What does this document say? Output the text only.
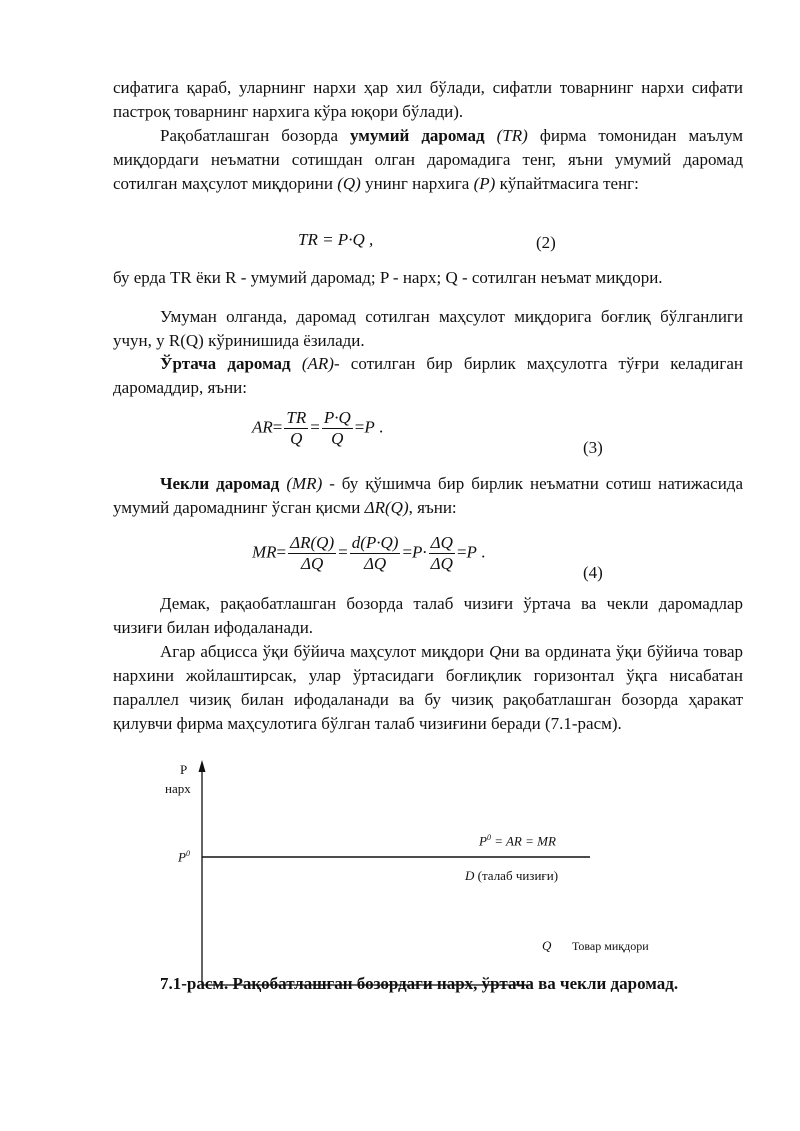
сифатига қараб, уларнинг нархи ҳар хил бўлади, сифатли товарнинг нархи сифати пастроқ товарнинг нархига кўра юқори бўлади).

Рақобатлашган бозорда умумий даромад (TR) фирма томонидан маълум миқдордаги неъматни сотишдан олган даромадига тенг, яъни умумий даромад сотилган маҳсулот миқдорини (Q) унинг нархига (P) кўпайтмасига тенг:

TR = P·Q ,	(2)

бу ерда TR ёки R - умумий даромад; P - нарх; Q - сотилган неъмат миқдори.

Умуман олганда, даромад сотилган маҳсулот миқдорига боғлиқ бўлганлиги учун, у R(Q) кўринишида ёзилади.

Ўртача даромад (AR)- сотилган бир бирлик маҳсулотга тўғри келадиган даромаддир, яъни:

$AR= \frac{TR}{Q} = \frac{P\cdot Q}{Q} =P$ .
(3)

Чекли даромад (MR) - бу қўшимча бир бирлик неъматни сотиш натижасида умумий даромаднинг ўсган қисми ΔR(Q), яъни:

$MR= \frac{\Delta R(Q)}{\Delta Q} = \frac{d(P\cdot Q)}{\Delta Q} =P\cdot \frac{\Delta Q}{\Delta Q} =P$ .
(4)

Демак, рақаобатлашган бозорда талаб чизиғи ўртача ва чекли даромадлар чизиғи билан ифодаланади.

Агар абцисса ўқи бўйича маҳсулот миқдори Qни ва ордината ўқи бўйича товар нархини жойлаштирсак, улар ўртасидаги боғлиқлик горизонтал ўқга нисабатан параллел чизиқ билан ифодаланади ва бу чизиқ рақобатлашган бозорда ҳаракат қилувчи фирма маҳсулотига бўлган талаб чизиғини беради (7.1-расм).

P
нарх
$P^0$
$P^0$ = AR = MR
D (талаб чизиғи)
Q Товар миқдори
7.1-расм. Рақобатлашган бозордаги нарх, ўртача ва чекли даромад.
